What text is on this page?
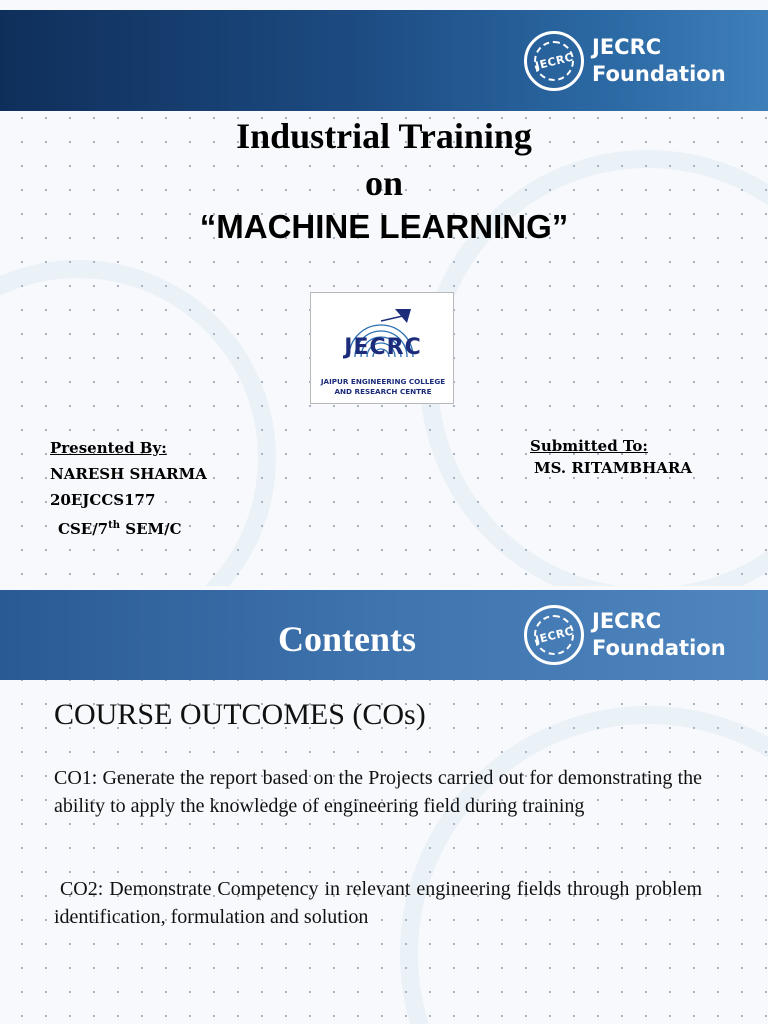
JECRC
JECRC
Foundation
Industrial Training
on
“MACHINE LEARNING”
JECRC
JAIPUR ENGINEERING COLLEGE
AND RESEARCH CENTRE
Presented By:
NARESH SHARMA
20EJCCS177
CSE/7th SEM/C
Submitted To:
MS. RITAMBHARA
JECRC
JECRC
Foundation
Contents
COURSE OUTCOMES (COs)
CO1: Generate the report based on the Projects carried out for demonstrating the ability to apply the knowledge of engineering field during training
CO2: Demonstrate Competency in relevant engineering fields through problem identification, formulation and solution
